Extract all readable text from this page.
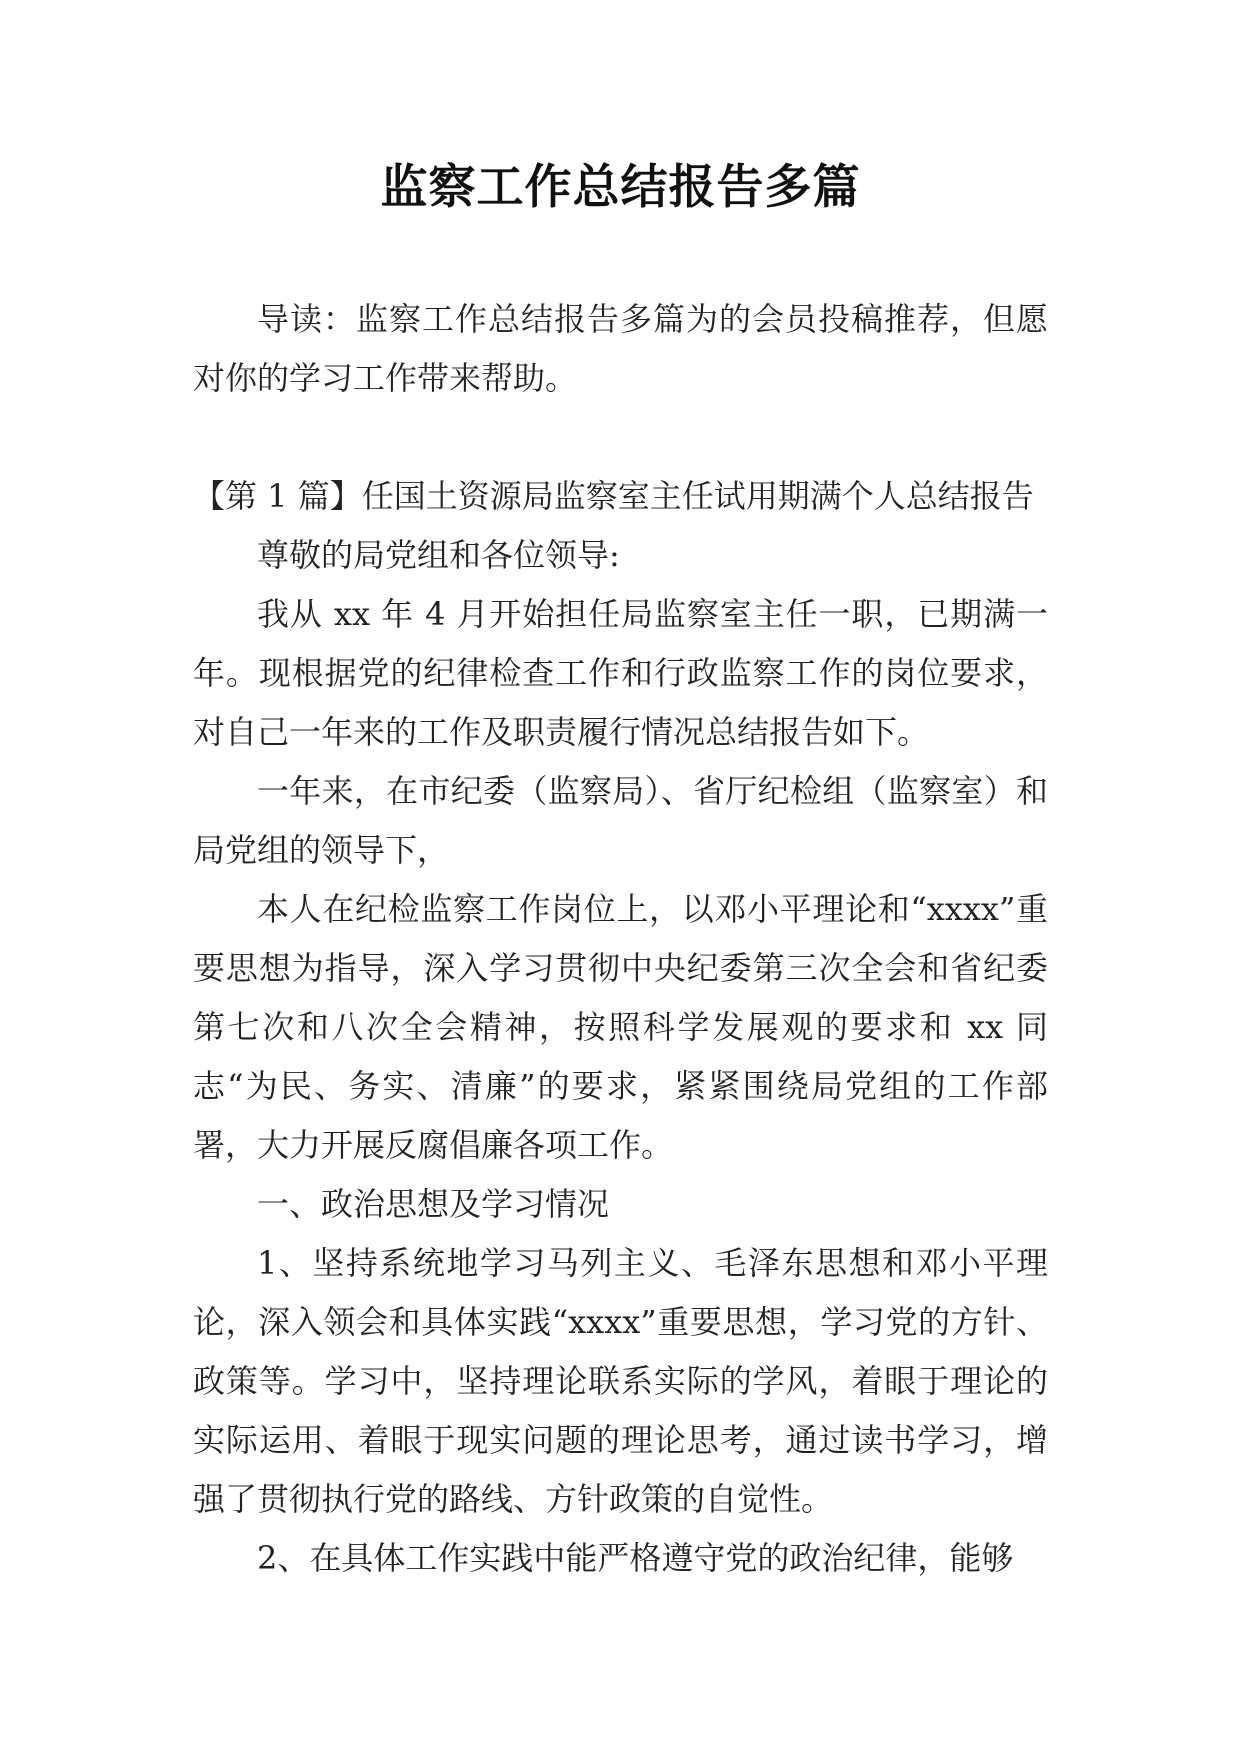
监察工作总结报告多篇

导读：监察工作总结报告多篇为的会员投稿推荐，但愿对你的学习工作带来帮助。

【第 1 篇】任国土资源局监察室主任试用期满个人总结报告

尊敬的局党组和各位领导:

我从 xx 年 4 月开始担任局监察室主任一职，已期满一年。现根据党的纪律检查工作和行政监察工作的岗位要求，对自己一年来的工作及职责履行情况总结报告如下。

一年来，在市纪委（监察局）、省厅纪检组（监察室）和局党组的领导下，

本人在纪检监察工作岗位上，以邓小平理论和“xxxx”重要思想为指导，深入学习贯彻中央纪委第三次全会和省纪委第七次和八次全会精神，按照科学发展观的要求和 xx 同志“为民、务实、清廉”的要求，紧紧围绕局党组的工作部署，大力开展反腐倡廉各项工作。

一、政治思想及学习情况

1、坚持系统地学习马列主义、毛泽东思想和邓小平理论，深入领会和具体实践“xxxx”重要思想，学习党的方针、政策等。学习中，坚持理论联系实际的学风，着眼于理论的实际运用、着眼于现实问题的理论思考，通过读书学习，增强了贯彻执行党的路线、方针政策的自觉性。

2、在具体工作实践中能严格遵守党的政治纪律，能够
